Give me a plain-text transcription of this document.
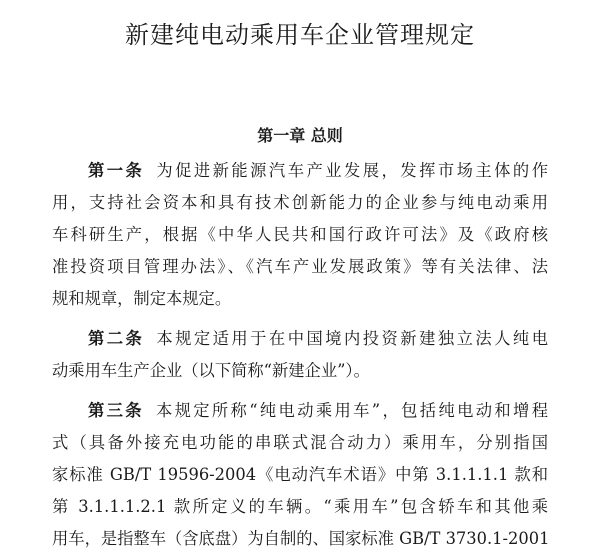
新建纯电动乘用车企业管理规定
第一章 总则

第一条 为促进新能源汽车产业发展，发挥市场主体的作

用，支持社会资本和具有技术创新能力的企业参与纯电动乘用

车科研生产，根据《中华人民共和国行政许可法》及《政府核

准投资项目管理办法》、《汽车产业发展政策》等有关法律、法

规和规章，制定本规定。

第二条 本规定适用于在中国境内投资新建独立法人纯电

动乘用车生产企业（以下简称“新建企业”）。

第三条 本规定所称“纯电动乘用车”，包括纯电动和增程

式（具备外接充电功能的串联式混合动力）乘用车，分别指国

家标准 GB/T 19596-2004《电动汽车术语》中第 3.1.1.1.1 款和

第 3.1.1.1.2.1 款所定义的车辆。“乘用车”包含轿车和其他乘

用车，是指整车（含底盘）为自制的、国家标准 GB/T 3730.1-2001
